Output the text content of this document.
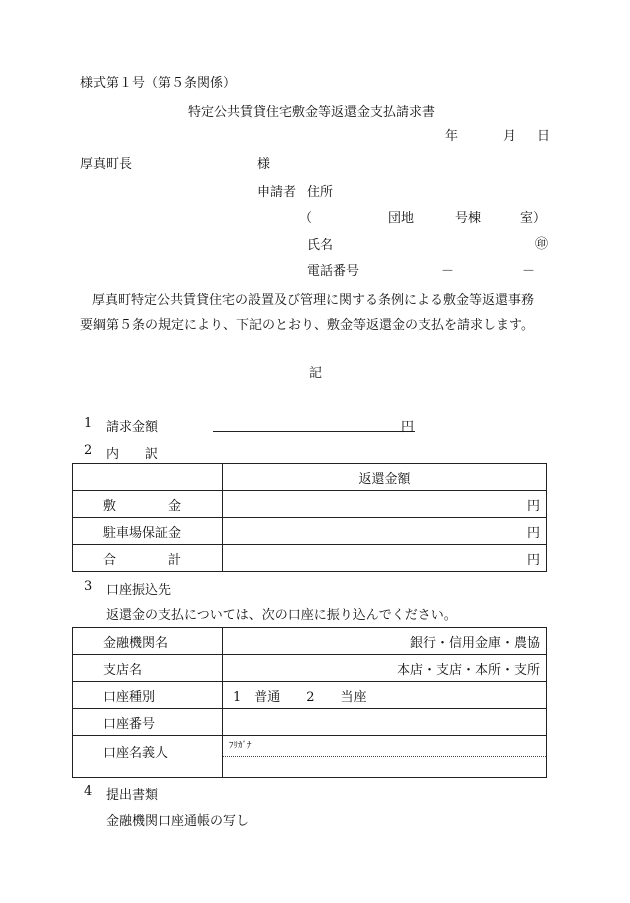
様式第１号（第５条関係）
特定公共賃貸住宅敷金等返還金支払請求書
年	月 日
厚真町長	様
申請者 住所
（	団地	号棟	室）
氏名	㊞
電話番号	－	－
厚真町特定公共賃貸住宅の設置及び管理に関する条例による敷金等返還事務
要綱第５条の規定により、下記のとおり、敷金等返還金の支払を請求します。
記
1 請求金額	円
2 内　　訳
	返還金額
敷　　　　金	円
駐車場保証金	円
合　　　　計	円
3 口座振込先
返還金の支払については、次の口座に振り込んでください。
金融機関名	銀行・信用金庫・農協
支店名	本店・支店・本所・支所
口座種別	1　普通　　2　　当座
口座番号	
口座名義人	ﾌﾘｶﾞﾅ
4 提出書類
金融機関口座通帳の写し
